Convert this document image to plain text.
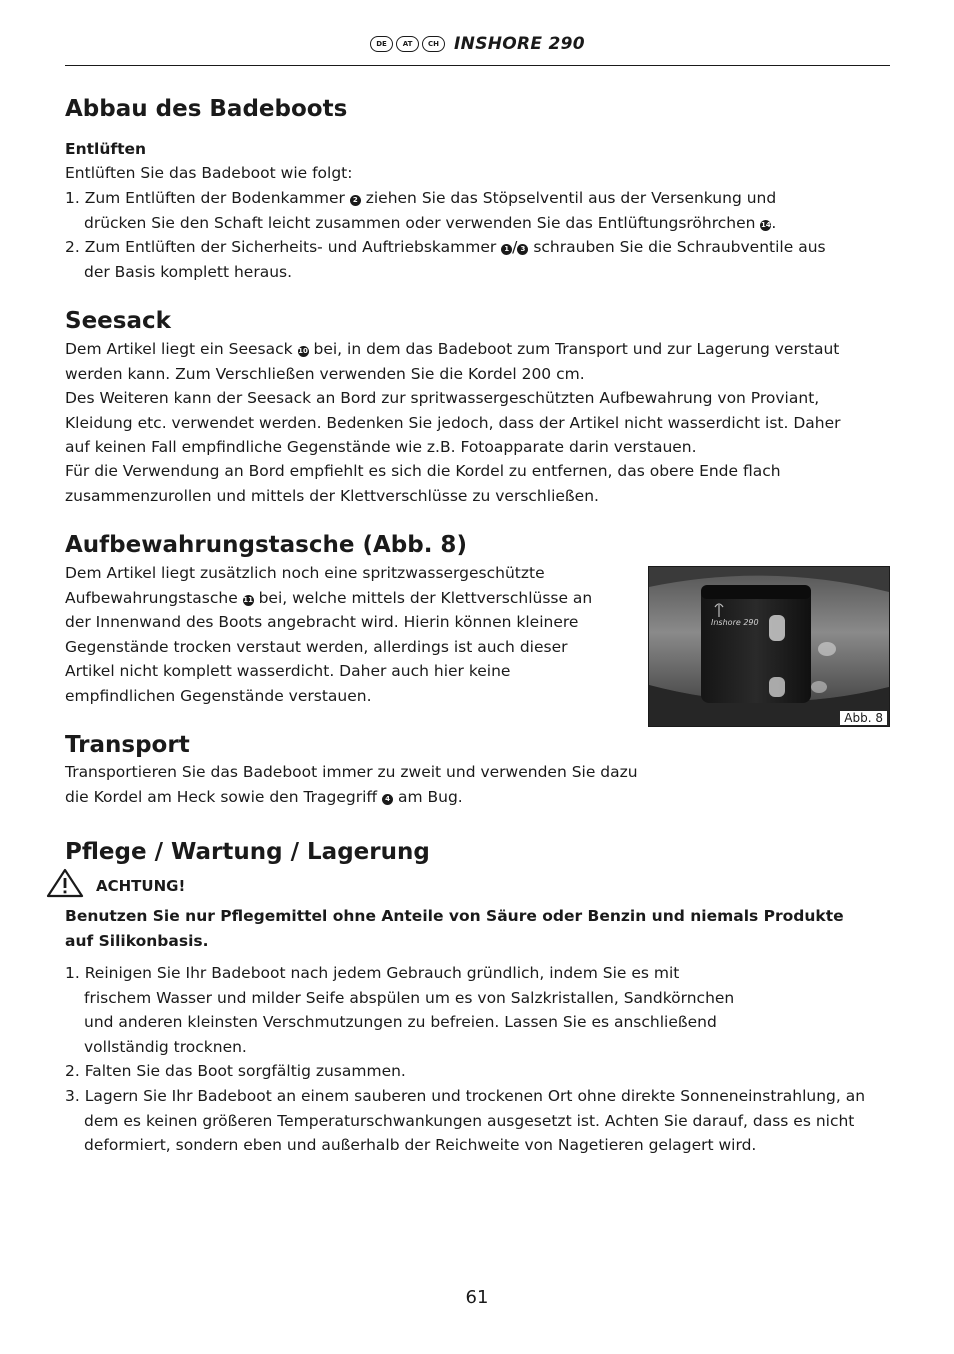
DE AT CH INSHORE 290
Abbau des Badeboots

Entlüften

Entlüften Sie das Badeboot wie folgt:

1. Zum Entlüften der Bodenkammer 2 ziehen Sie das Stöpselventil aus der Versenkung und drücken Sie den Schaft leicht zusammen oder verwenden Sie das Entlüftungsröhrchen 14.

2. Zum Entlüften der Sicherheits- und Auftriebskammer 1 / 3 schrauben Sie die Schraubventile aus der Basis komplett heraus.

Seesack

Dem Artikel liegt ein Seesack 10 bei, in dem das Badeboot zum Transport und zur Lagerung verstaut werden kann. Zum Verschließen verwenden Sie die Kordel 200 cm.

Des Weiteren kann der Seesack an Bord zur spritwassergeschützten Aufbewahrung von Proviant, Kleidung etc. verwendet werden. Bedenken Sie jedoch, dass der Artikel nicht wasserdicht ist. Daher auf keinen Fall empfindliche Gegenstände wie z.B. Fotoapparate darin verstauen.

Für die Verwendung an Bord empfiehlt es sich die Kordel zu entfernen, das obere Ende flach zusammenzurollen und mittels der Klettverschlüsse zu verschließen.

Aufbewahrungstasche (Abb. 8)

Dem Artikel liegt zusätzlich noch eine spritzwassergeschützte Aufbewahrungstasche 11 bei, welche mittels der Klettverschlüsse an der Innenwand des Boots angebracht wird. Hierin können kleinere Gegenstände trocken verstaut werden, allerdings ist auch dieser Artikel nicht komplett wasserdicht. Daher auch hier keine empfindlichen Gegenstände verstauen.

Inshore 290
Abb. 8
Transport

Transportieren Sie das Badeboot immer zu zweit und verwenden Sie dazu die Kordel am Heck sowie den Tragegriff 4 am Bug.

Pflege / Wartung / Lagerung

ACHTUNG!

Benutzen Sie nur Pflegemittel ohne Anteile von Säure oder Benzin und niemals Produkte auf Silikonbasis.

1. Reinigen Sie Ihr Badeboot nach jedem Gebrauch gründlich, indem Sie es mit frischem Wasser und milder Seife abspülen um es von Salzkristallen, Sandkörnchen und anderen kleinsten Verschmutzungen zu befreien. Lassen Sie es anschließend vollständig trocknen.

2. Falten Sie das Boot sorgfältig zusammen.

3. Lagern Sie Ihr Badeboot an einem sauberen und trockenen Ort ohne direkte Sonneneinstrahlung, an dem es keinen größeren Temperaturschwankungen ausgesetzt ist. Achten Sie darauf, dass es nicht deformiert, sondern eben und außerhalb der Reichweite von Nagetieren gelagert wird.

61
